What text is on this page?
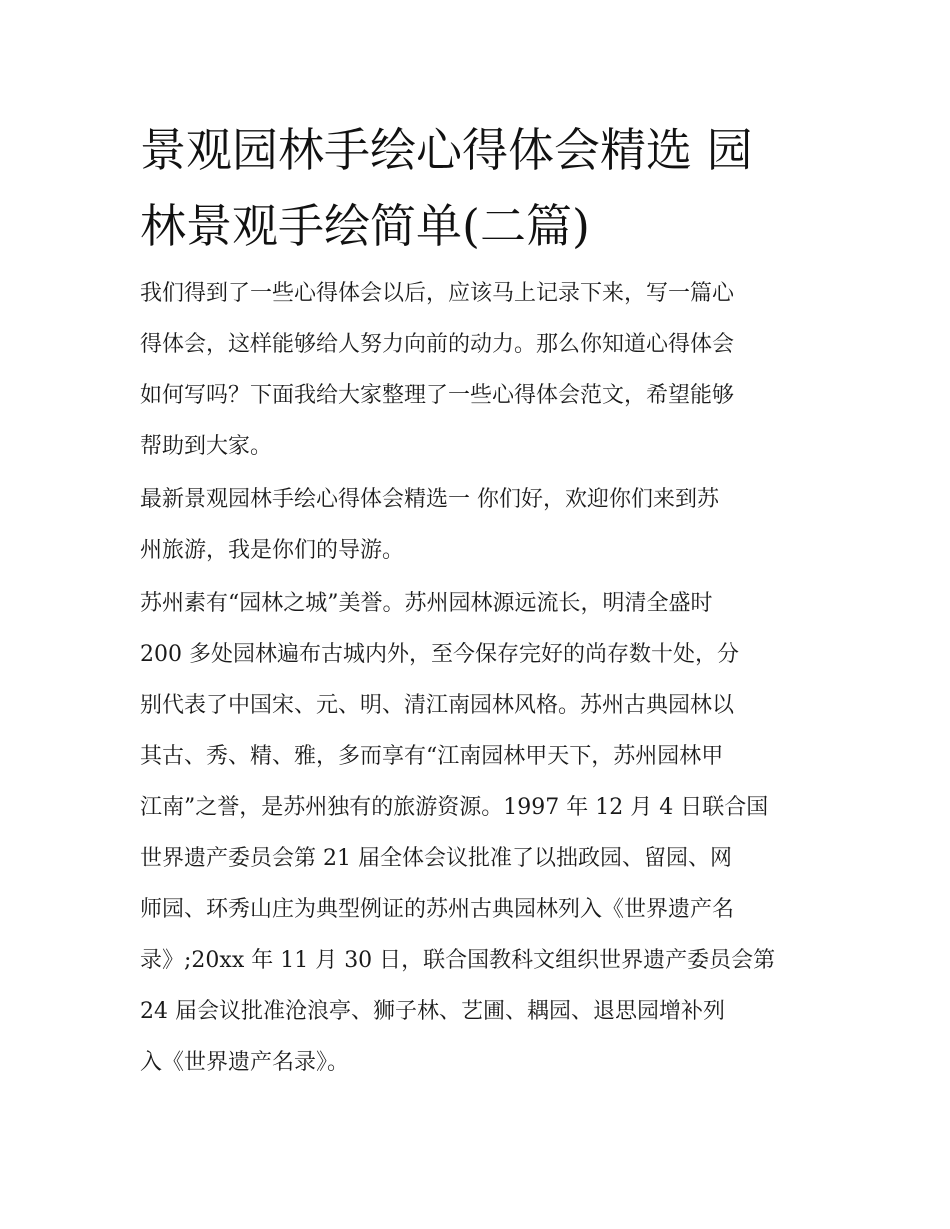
景观园林手绘心得体会精选 园
林景观手绘简单(二篇)

我们得到了一些心得体会以后，应该马上记录下来，写一篇心
得体会，这样能够给人努力向前的动力。那么你知道心得体会
如何写吗？下面我给大家整理了一些心得体会范文，希望能够
帮助到大家。

最新景观园林手绘心得体会精选一 你们好，欢迎你们来到苏
州旅游，我是你们的导游。

苏州素有“园林之城”美誉。苏州园林源远流长，明清全盛时
200 多处园林遍布古城内外，至今保存完好的尚存数十处，分
别代表了中国宋、元、明、清江南园林风格。苏州古典园林以
其古、秀、精、雅，多而享有“江南园林甲天下，苏州园林甲
江南”之誉，是苏州独有的旅游资源。1997 年 12 月 4 日联合国
世界遗产委员会第 21 届全体会议批准了以拙政园、留园、网
师园、环秀山庄为典型例证的苏州古典园林列入《世界遗产名
录》;20xx 年 11 月 30 日，联合国教科文组织世界遗产委员会第
24 届会议批准沧浪亭、狮子林、艺圃、耦园、退思园增补列
入《世界遗产名录》。
